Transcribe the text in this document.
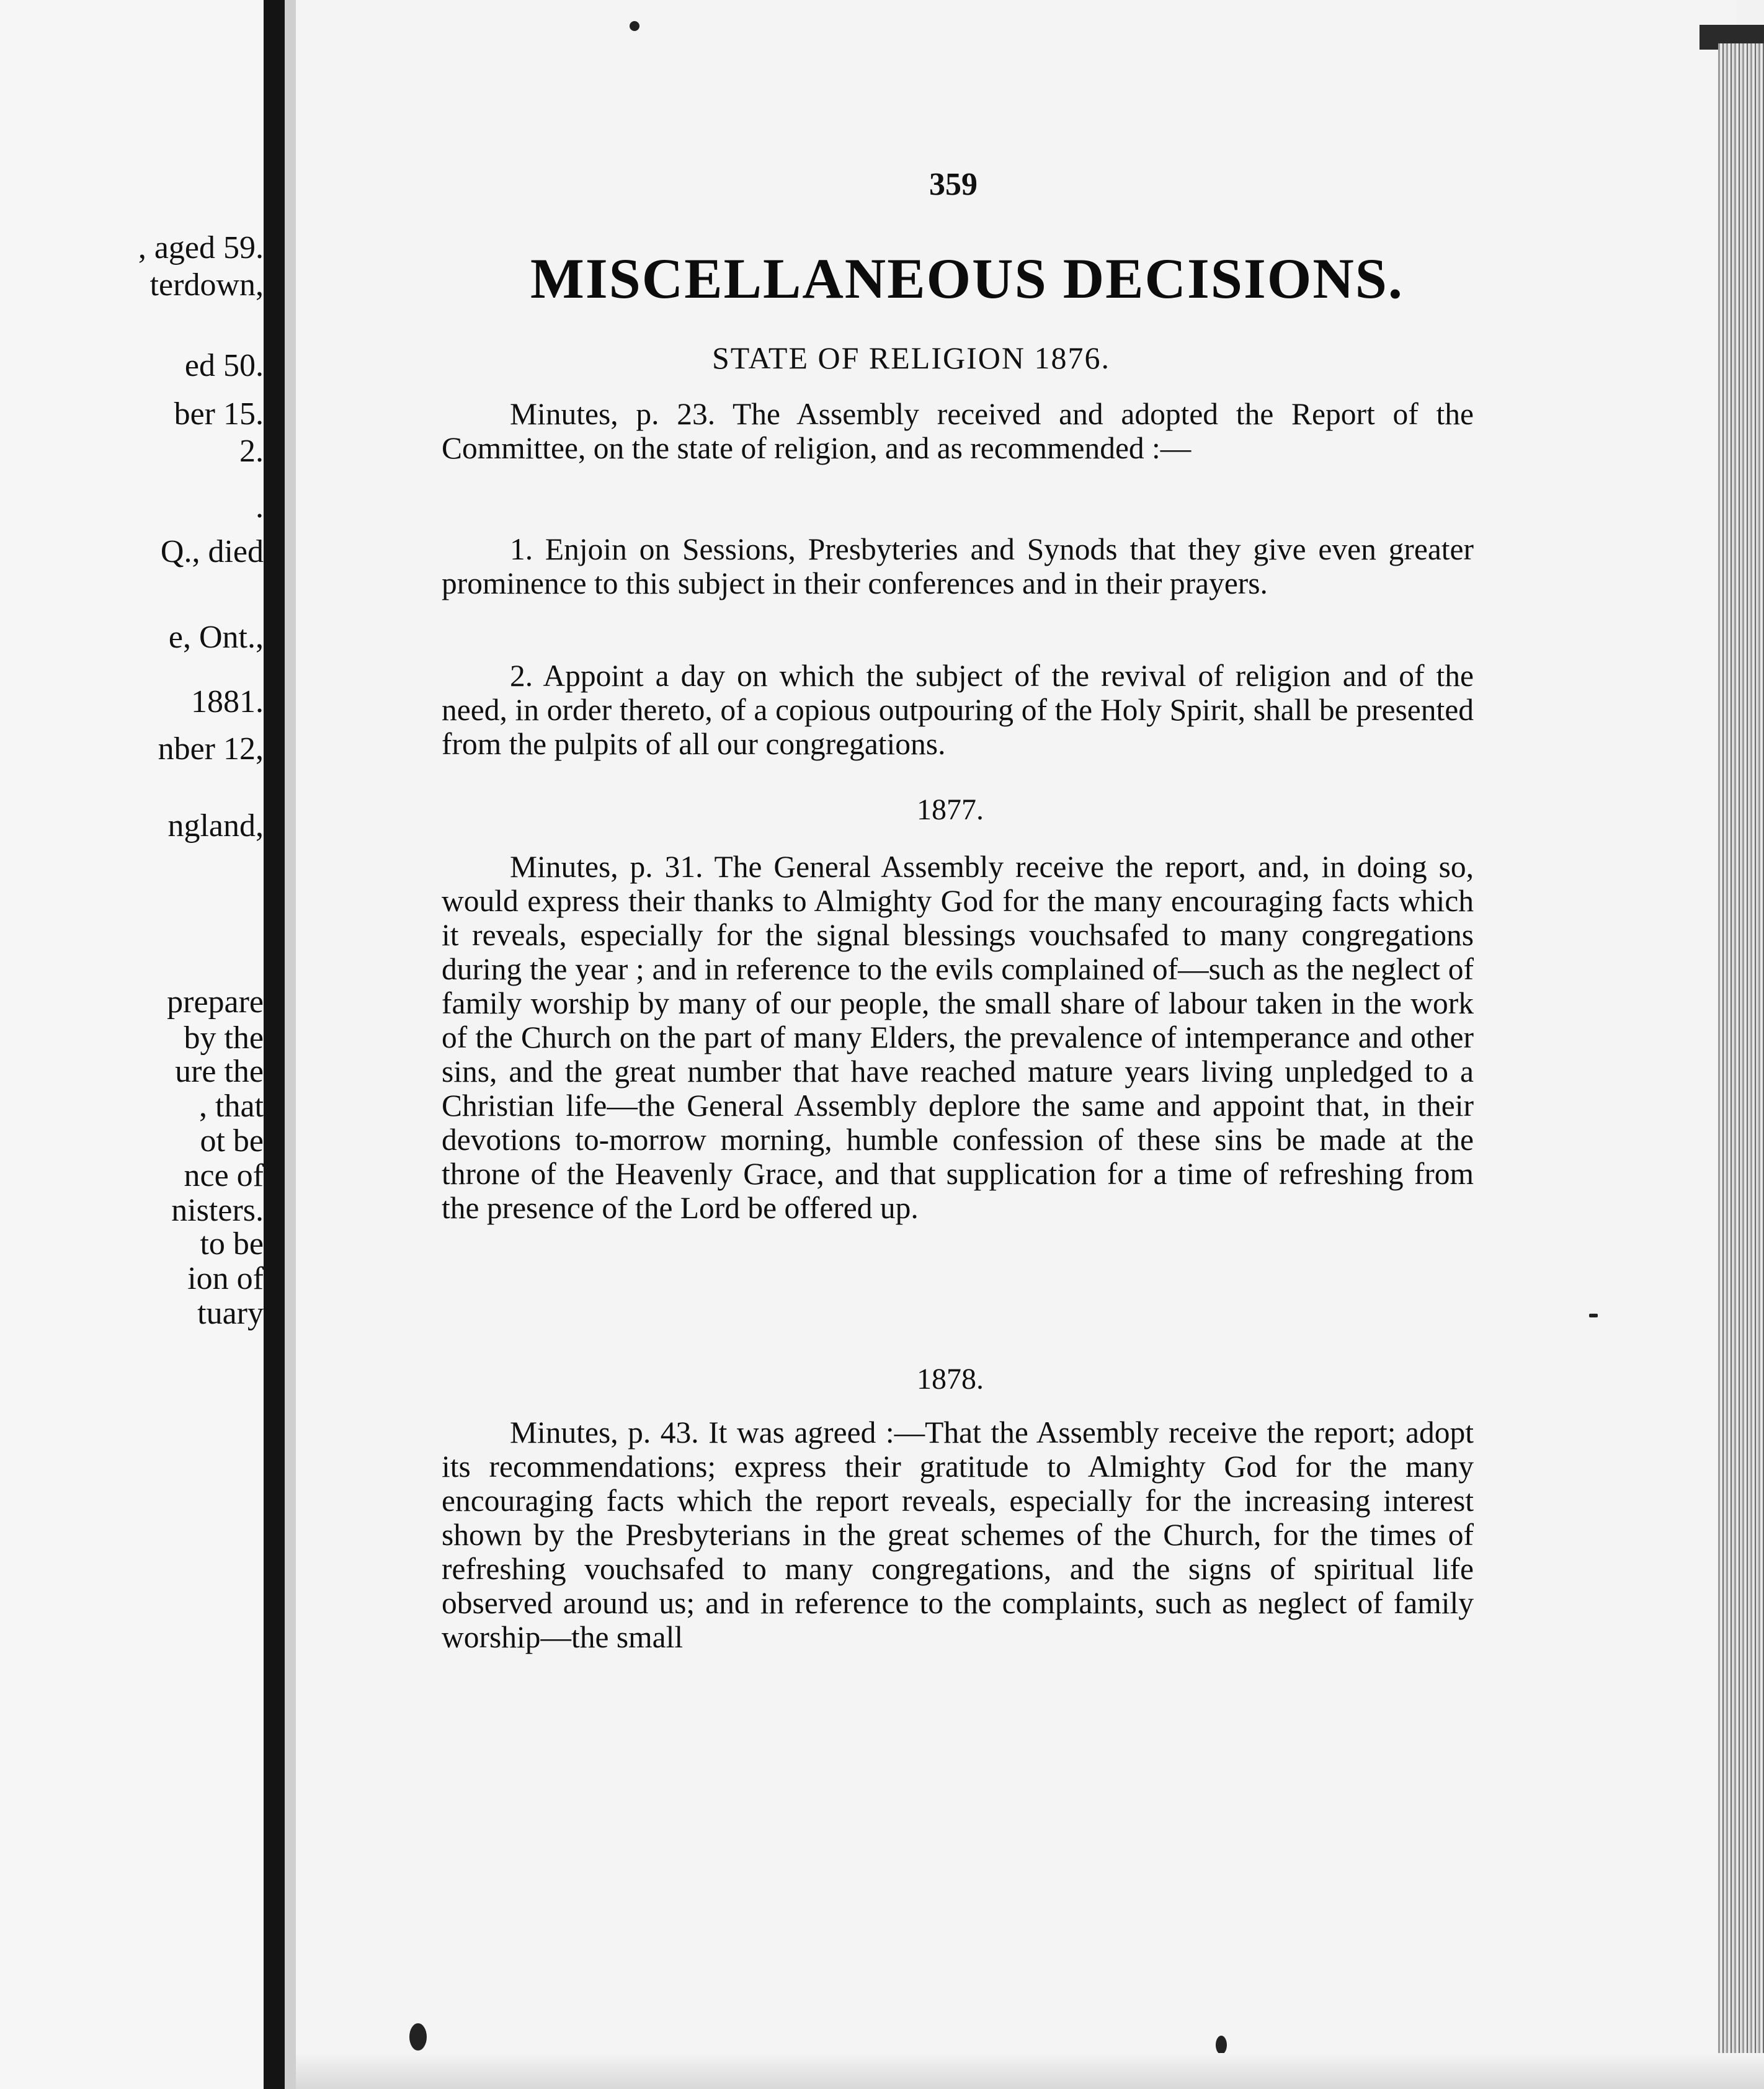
, aged 59.
terdown,
ed 50.
ber 15.
2.
.
Q., died
e, Ont.,
1881.
nber 12,
ngland,
prepare
by the
ure the
, that
ot be
nce of
nisters.
to be
ion of
tuary
359
MISCELLANEOUS DECISIONS.
STATE OF RELIGION 1876.

Minutes, p. 23. The Assembly received and adopted the Report of the Committee, on the state of religion, and as recommended :—

1. Enjoin on Sessions, Presbyteries and Synods that they give even greater prominence to this subject in their conferences and in their prayers.

2. Appoint a day on which the subject of the revival of religion and of the need, in order thereto, of a copious outpouring of the Holy Spirit, shall be presented from the pulpits of all our congregations.

1877.

Minutes, p. 31. The General Assembly receive the report, and, in doing so, would express their thanks to Almighty God for the many encouraging facts which it reveals, especially for the signal blessings vouchsafed to many congregations during the year ; and in reference to the evils complained of—such as the neglect of family worship by many of our people, the small share of labour taken in the work of the Church on the part of many Elders, the prevalence of intemperance and other sins, and the great number that have reached mature years living unpledged to a Christian life—the General Assembly deplore the same and appoint that, in their devotions to-morrow morning, humble confession of these sins be made at the throne of the Heavenly Grace, and that supplication for a time of refreshing from the presence of the Lord be offered up.

1878.

Minutes, p. 43. It was agreed :—That the Assembly receive the report; adopt its recommendations; express their gratitude to Almighty God for the many encouraging facts which the report reveals, especially for the increasing interest shown by the Presbyterians in the great schemes of the Church, for the times of refreshing vouchsafed to many congregations, and the signs of spiritual life observed around us; and in reference to the complaints, such as neglect of family worship—the small
